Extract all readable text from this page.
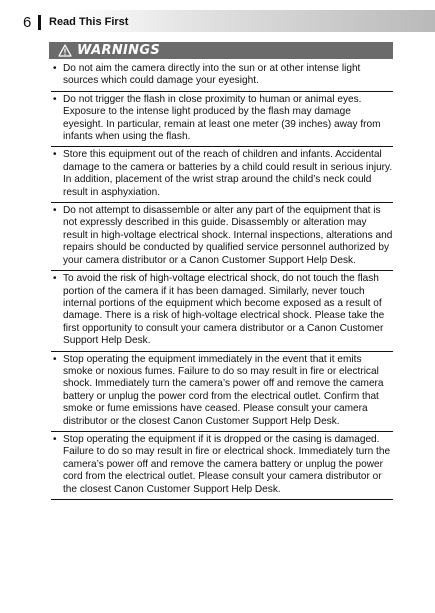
6 Read This First
WARNINGS
• Do not aim the camera directly into the sun or at other intense light sources which could damage your eyesight.
• Do not trigger the flash in close proximity to human or animal eyes. Exposure to the intense light produced by the flash may damage eyesight. In particular, remain at least one meter (39 inches) away from infants when using the flash.
• Store this equipment out of the reach of children and infants. Accidental damage to the camera or batteries by a child could result in serious injury. In addition, placement of the wrist strap around the child’s neck could result in asphyxiation.
• Do not attempt to disassemble or alter any part of the equipment that is not expressly described in this guide. Disassembly or alteration may result in high-voltage electrical shock. Internal inspections, alterations and repairs should be conducted by qualified service personnel authorized by your camera distributor or a Canon Customer Support Help Desk.
• To avoid the risk of high-voltage electrical shock, do not touch the flash portion of the camera if it has been damaged. Similarly, never touch internal portions of the equipment which become exposed as a result of damage. There is a risk of high-voltage electrical shock. Please take the first opportunity to consult your camera distributor or a Canon Customer Support Help Desk.
• Stop operating the equipment immediately in the event that it emits smoke or noxious fumes. Failure to do so may result in fire or electrical shock. Immediately turn the camera’s power off and remove the camera battery or unplug the power cord from the electrical outlet. Confirm that smoke or fume emissions have ceased. Please consult your camera distributor or the closest Canon Customer Support Help Desk.
• Stop operating the equipment if it is dropped or the casing is damaged. Failure to do so may result in fire or electrical shock. Immediately turn the camera’s power off and remove the camera battery or unplug the power cord from the electrical outlet. Please consult your camera distributor or the closest Canon Customer Support Help Desk.
